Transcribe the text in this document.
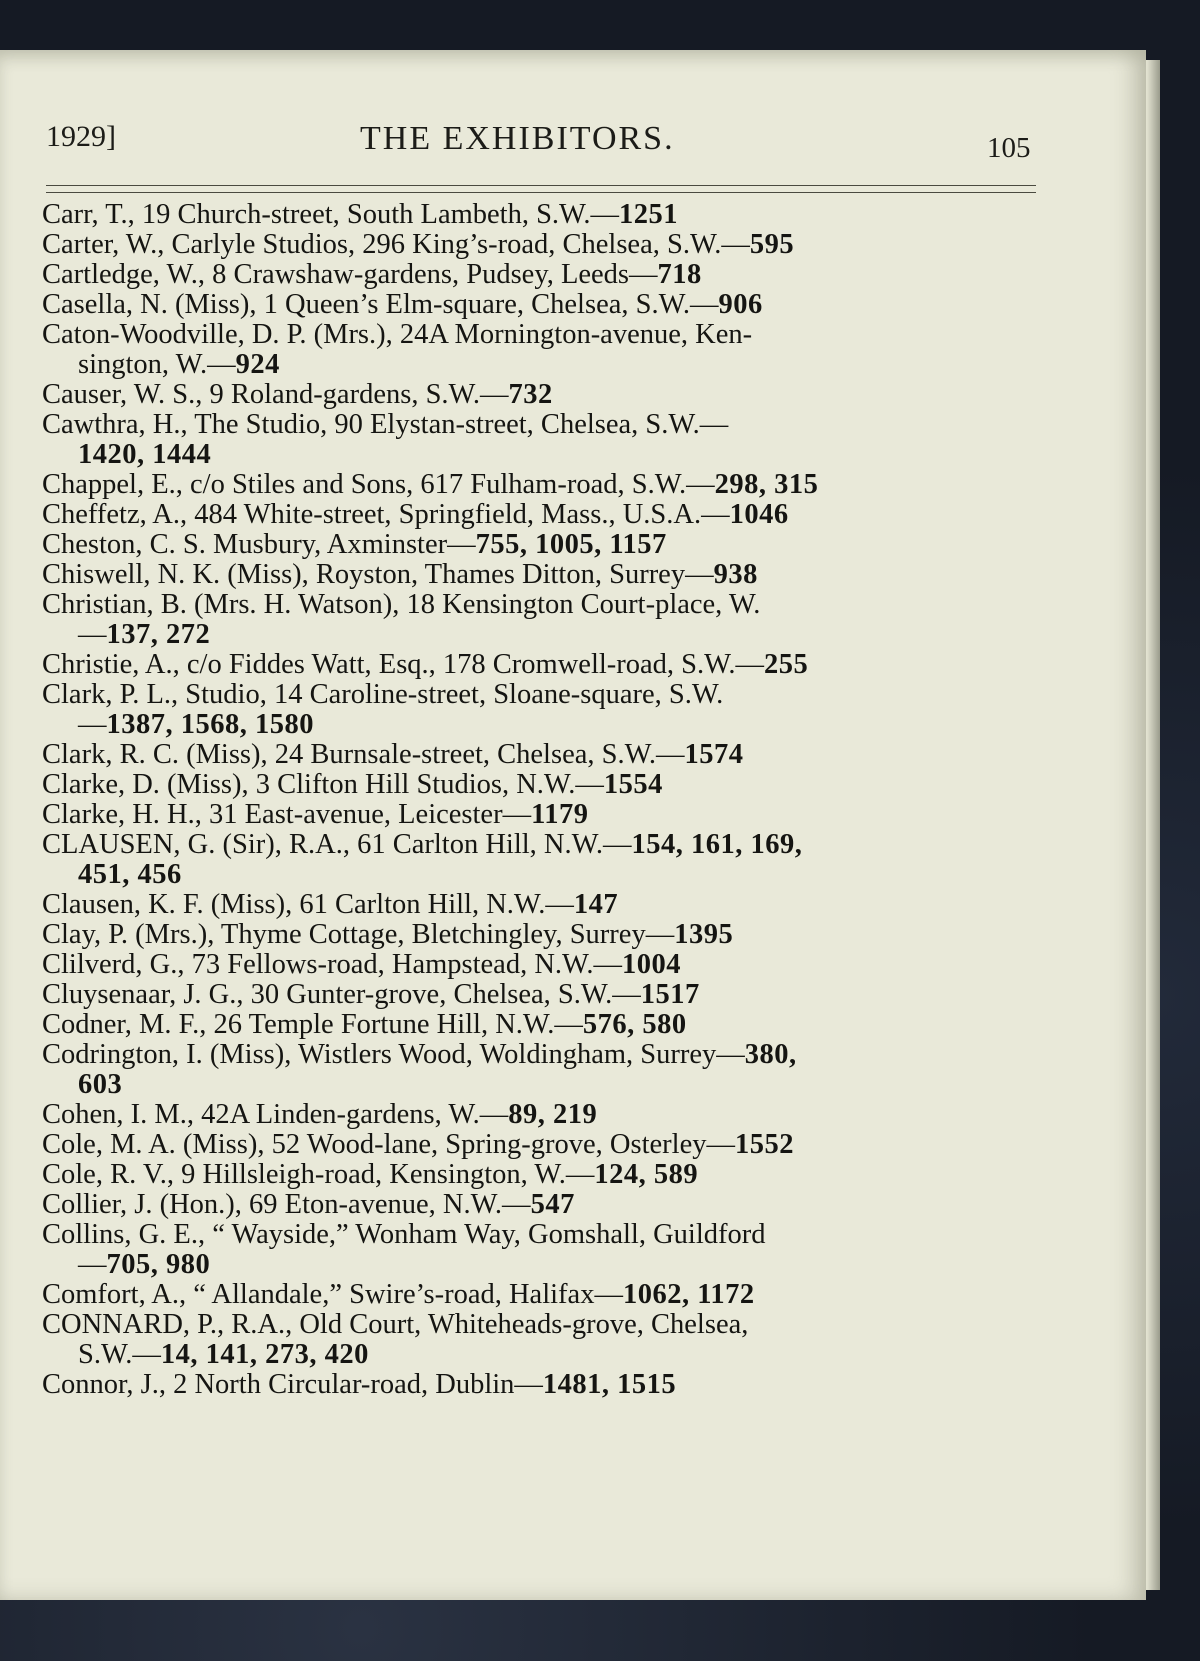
1929]	THE EXHIBITORS.	105
Carr, T., 19 Church-street, South Lambeth, S.W.—1251
Carter, W., Carlyle Studios, 296 King’s-road, Chelsea, S.W.—595
Cartledge, W., 8 Crawshaw-gardens, Pudsey, Leeds—718
Casella, N. (Miss), 1 Queen’s Elm-square, Chelsea, S.W.—906
Caton-Woodville, D. P. (Mrs.), 24A Mornington-avenue, Ken-
sington, W.—924
Causer, W. S., 9 Roland-gardens, S.W.—732
Cawthra, H., The Studio, 90 Elystan-street, Chelsea, S.W.—
1420, 1444
Chappel, E., c/o Stiles and Sons, 617 Fulham-road, S.W.—298, 315
Cheffetz, A., 484 White-street, Springfield, Mass., U.S.A.—1046
Cheston, C. S. Musbury, Axminster—755, 1005, 1157
Chiswell, N. K. (Miss), Royston, Thames Ditton, Surrey—938
Christian, B. (Mrs. H. Watson), 18 Kensington Court-place, W.
—137, 272
Christie, A., c/o Fiddes Watt, Esq., 178 Cromwell-road, S.W.—255
Clark, P. L., Studio, 14 Caroline-street, Sloane-square, S.W.
—1387, 1568, 1580
Clark, R. C. (Miss), 24 Burnsale-street, Chelsea, S.W.—1574
Clarke, D. (Miss), 3 Clifton Hill Studios, N.W.—1554
Clarke, H. H., 31 East-avenue, Leicester—1179
CLAUSEN, G. (Sir), R.A., 61 Carlton Hill, N.W.—154, 161, 169,
451, 456
Clausen, K. F. (Miss), 61 Carlton Hill, N.W.—147
Clay, P. (Mrs.), Thyme Cottage, Bletchingley, Surrey—1395
Clilverd, G., 73 Fellows-road, Hampstead, N.W.—1004
Cluysenaar, J. G., 30 Gunter-grove, Chelsea, S.W.—1517
Codner, M. F., 26 Temple Fortune Hill, N.W.—576, 580
Codrington, I. (Miss), Wistlers Wood, Woldingham, Surrey—380,
603
Cohen, I. M., 42A Linden-gardens, W.—89, 219
Cole, M. A. (Miss), 52 Wood-lane, Spring-grove, Osterley—1552
Cole, R. V., 9 Hillsleigh-road, Kensington, W.—124, 589
Collier, J. (Hon.), 69 Eton-avenue, N.W.—547
Collins, G. E., “ Wayside,” Wonham Way, Gomshall, Guildford
—705, 980
Comfort, A., “ Allandale,” Swire’s-road, Halifax—1062, 1172
CONNARD, P., R.A., Old Court, Whiteheads-grove, Chelsea,
S.W.—14, 141, 273, 420
Connor, J., 2 North Circular-road, Dublin—1481, 1515
